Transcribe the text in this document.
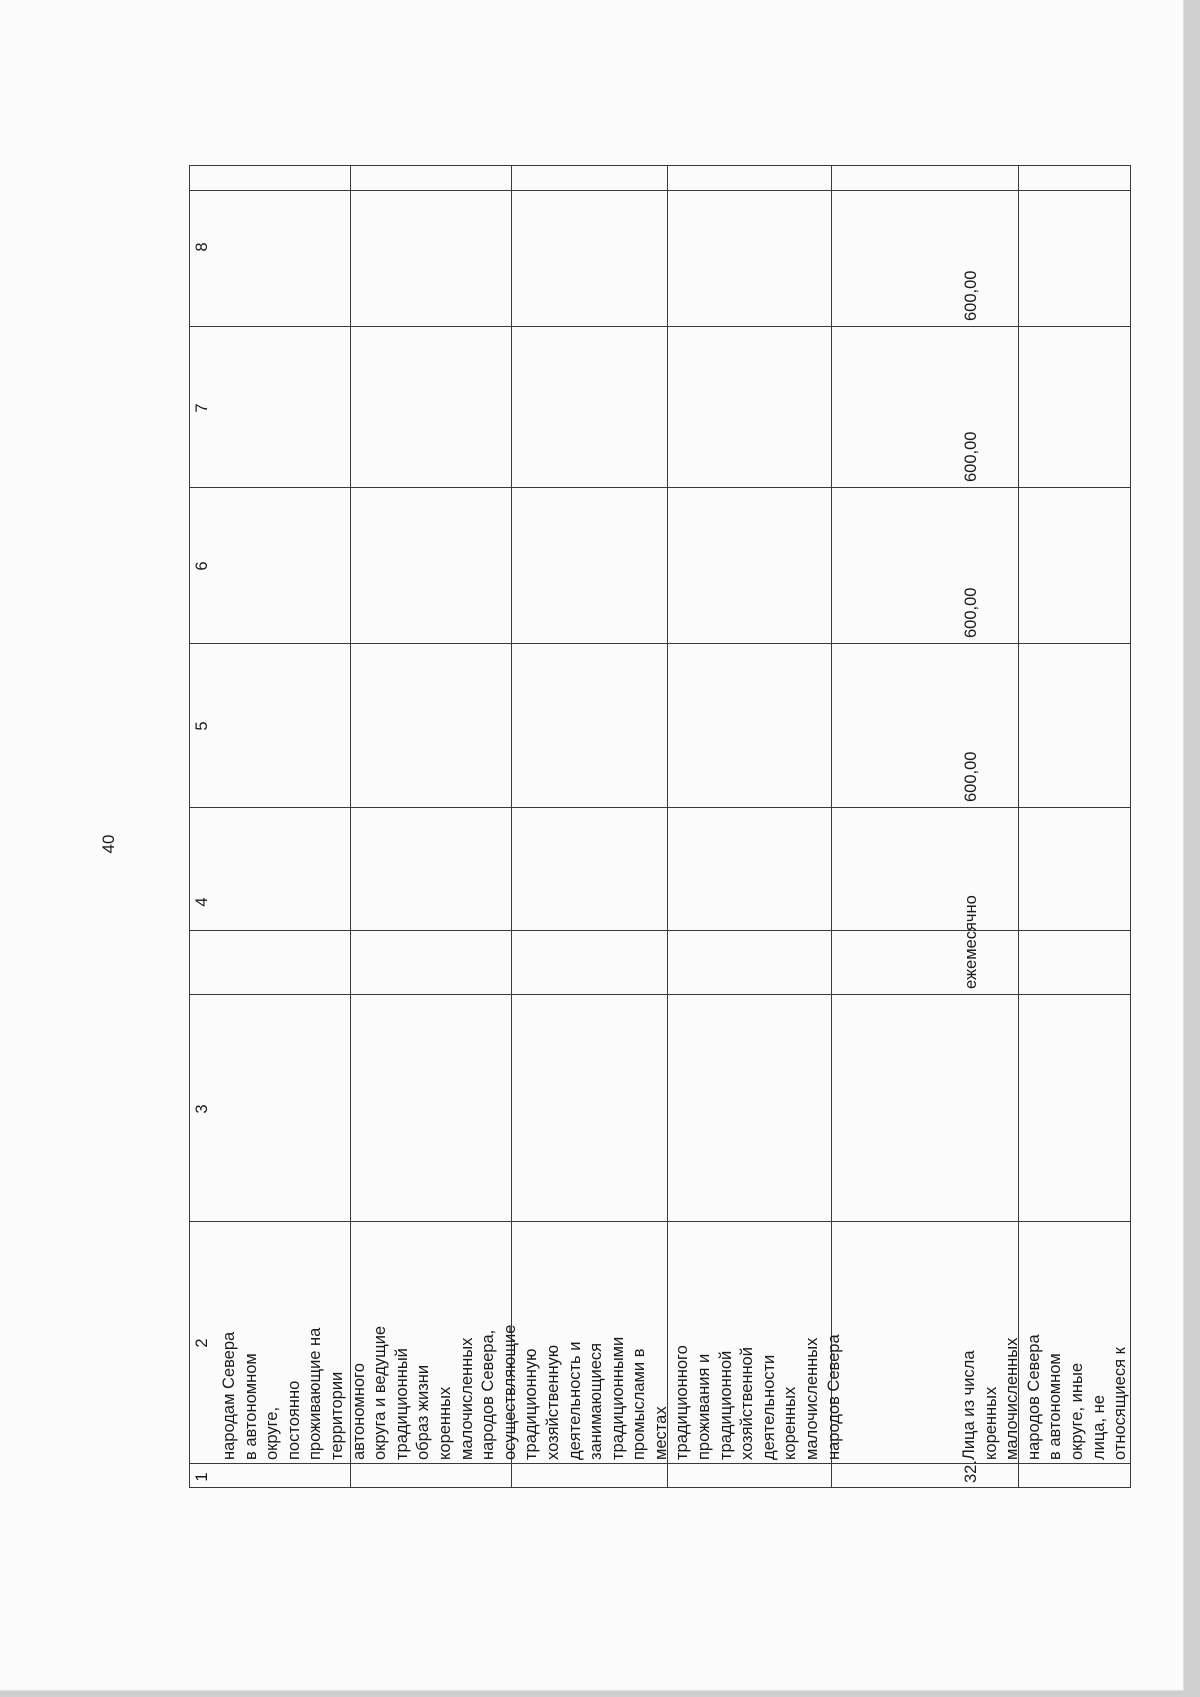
40
8
7
6
5
4
3
2
1
народам Севера в автономном округе, постоянно проживающие на территории автономного округа и ведущие традиционный образ жизни коренных малочисленных народов Севера, осуществляющие традиционную хозяйственную деятельность и занимающиеся традиционными промыслами в местах традиционного проживания и традиционной хозяйственной деятельности коренных малочисленных народов Севера
600,00
600,00
600,00
600,00
ежемесячно
Лица из числа коренных малочисленных народов Севера в автономном округе, иные лица, не относящиеся к
32.
